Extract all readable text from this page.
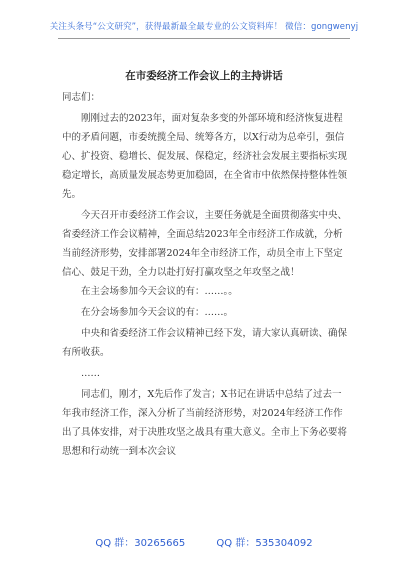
关注头条号“公文研究”，获得最新最全最专业的公文资料库！ 微信：gongwenyj
在市委经济工作会议上的主持讲话

同志们：

刚刚过去的2023年，面对复杂多变的外部环境和经济恢复进程中的矛盾问题，市委统揽全局、统筹各方，以X行动为总牵引，强信心、扩投资、稳增长、促发展、保稳定，经济社会发展主要指标实现稳定增长，高质量发展态势更加稳固，在全省市中依然保持整体性领先。

今天召开市委经济工作会议，主要任务就是全面贯彻落实中央、省委经济工作会议精神，全面总结2023年全市经济工作成就，分析当前经济形势，安排部署2024年全市经济工作，动员全市上下坚定信心、鼓足干劲，全力以赴打好打赢攻坚之年攻坚之战！

在主会场参加今天会议的有：……。。

在分会场参加今天会议的有：……。

中央和省委经济工作会议精神已经下发，请大家认真研读、确保有所收获。

……

同志们，刚才，X先后作了发言；X书记在讲话中总结了过去一年我市经济工作，深入分析了当前经济形势，对2024年经济工作作出了具体安排，对于决胜攻坚之战具有重大意义。全市上下务必要将思想和行动统一到本次会议

QQ 群：30265665	QQ 群：535304092
